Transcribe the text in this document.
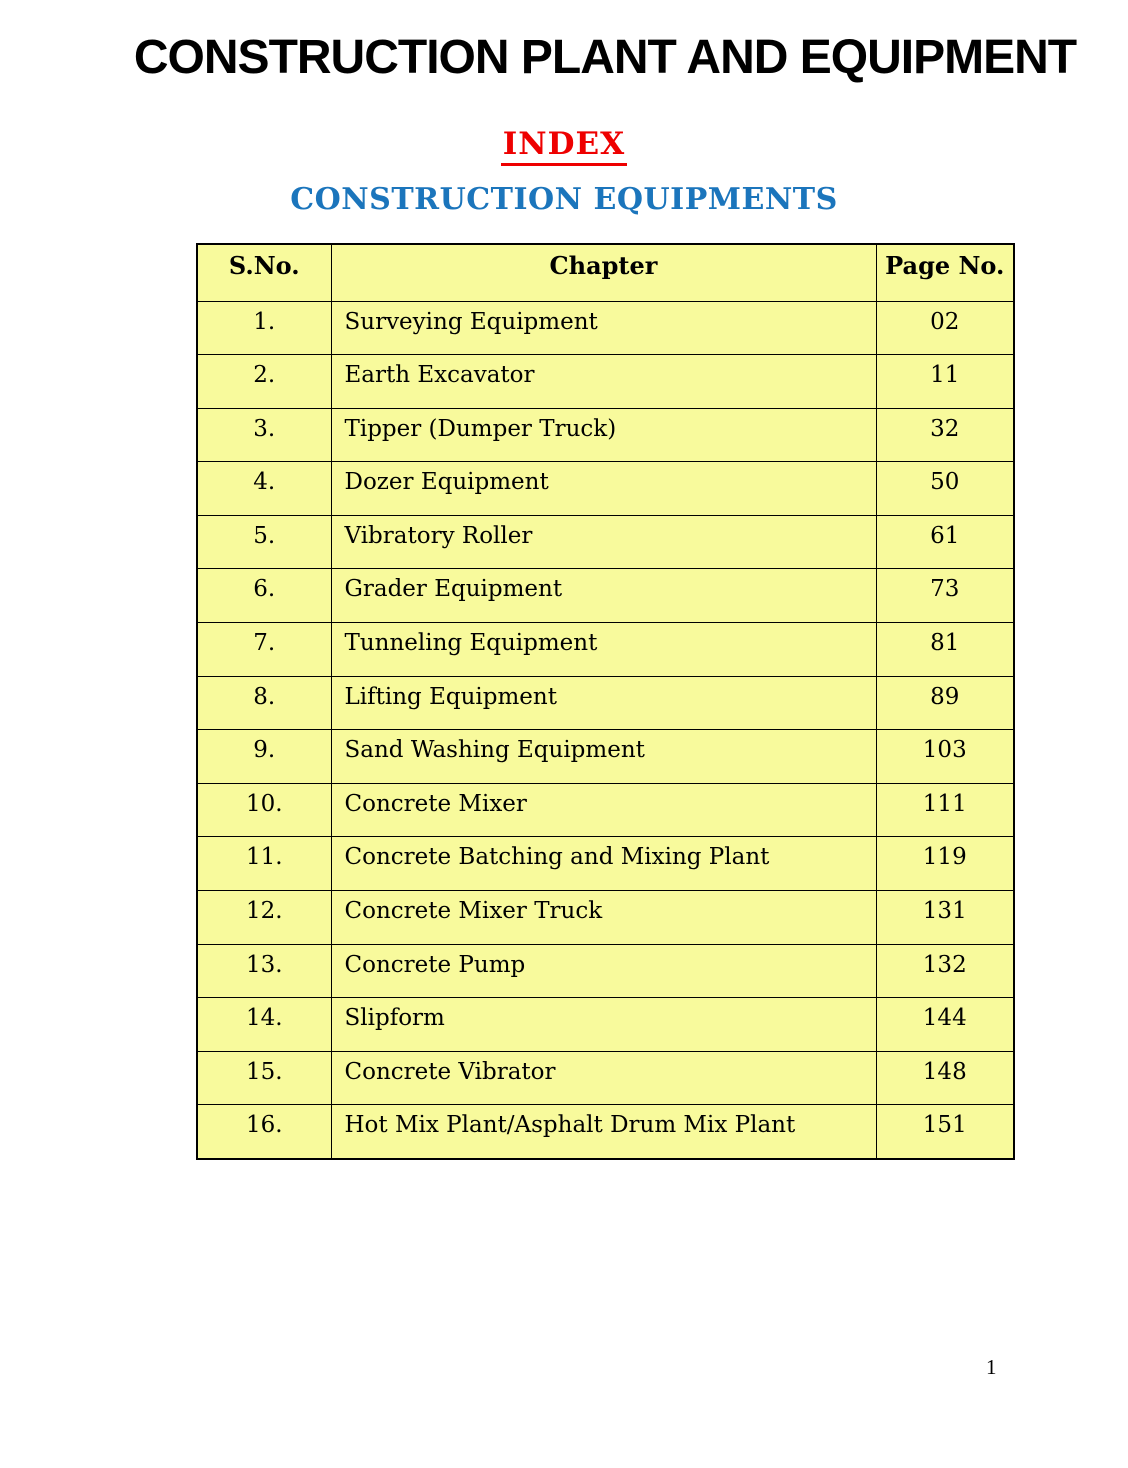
CONSTRUCTION PLANT AND EQUIPMENT
INDEX
CONSTRUCTION EQUIPMENTS
S.No.	Chapter	Page No.
1.	Surveying Equipment	02
2.	Earth Excavator	11
3.	Tipper (Dumper Truck)	32
4.	Dozer Equipment	50
5.	Vibratory Roller	61
6.	Grader Equipment	73
7.	Tunneling Equipment	81
8.	Lifting Equipment	89
9.	Sand Washing Equipment	103
10.	Concrete Mixer	111
11.	Concrete Batching and Mixing Plant	119
12.	Concrete Mixer Truck	131
13.	Concrete Pump	132
14.	Slipform	144
15.	Concrete Vibrator	148
16.	Hot Mix Plant/Asphalt Drum Mix Plant	151
1
